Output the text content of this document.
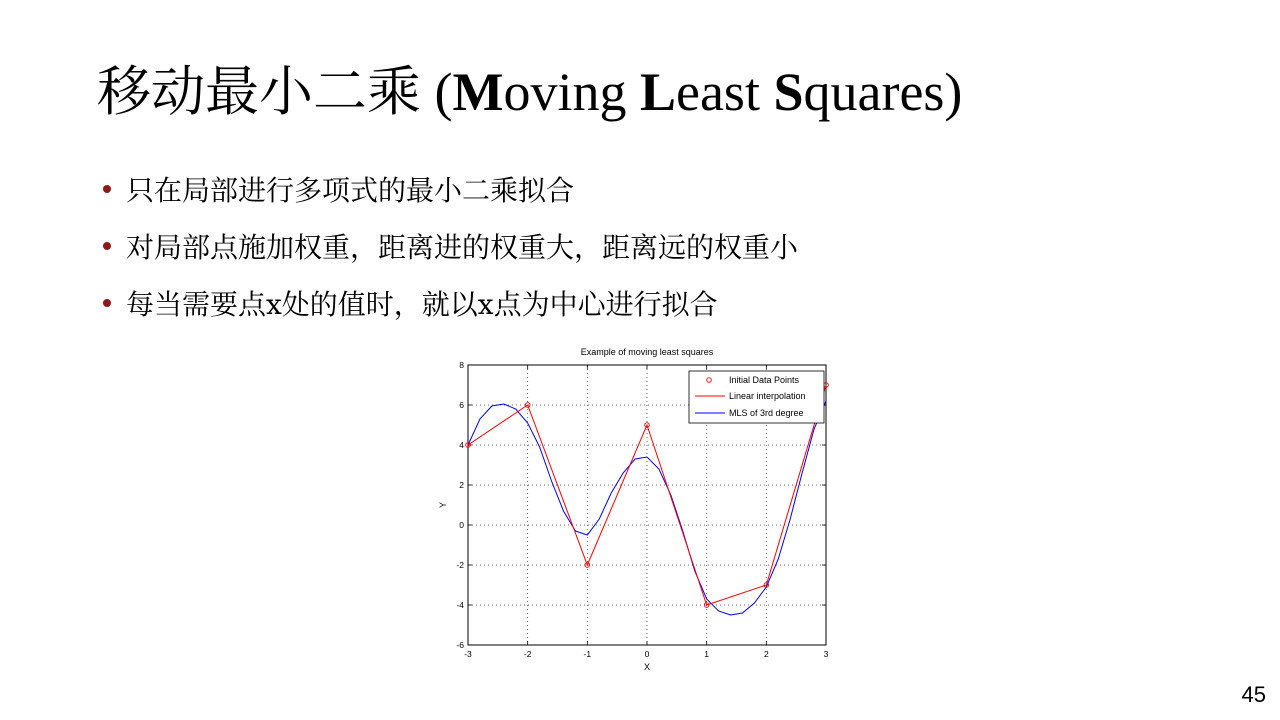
移动最小二乘 (Moving Least Squares)
只在局部进行多项式的最小二乘拟合
对局部点施加权重，距离进的权重大，距离远的权重小
每当需要点x处的值时，就以x点为中心进行拟合
-3	-2	-1	0	1	2	3
-6
-4
-2
0
2
4
6
8
Example of moving least squares
X
Y
Initial Data Points
Linear interpolation
MLS of 3rd degree
45
